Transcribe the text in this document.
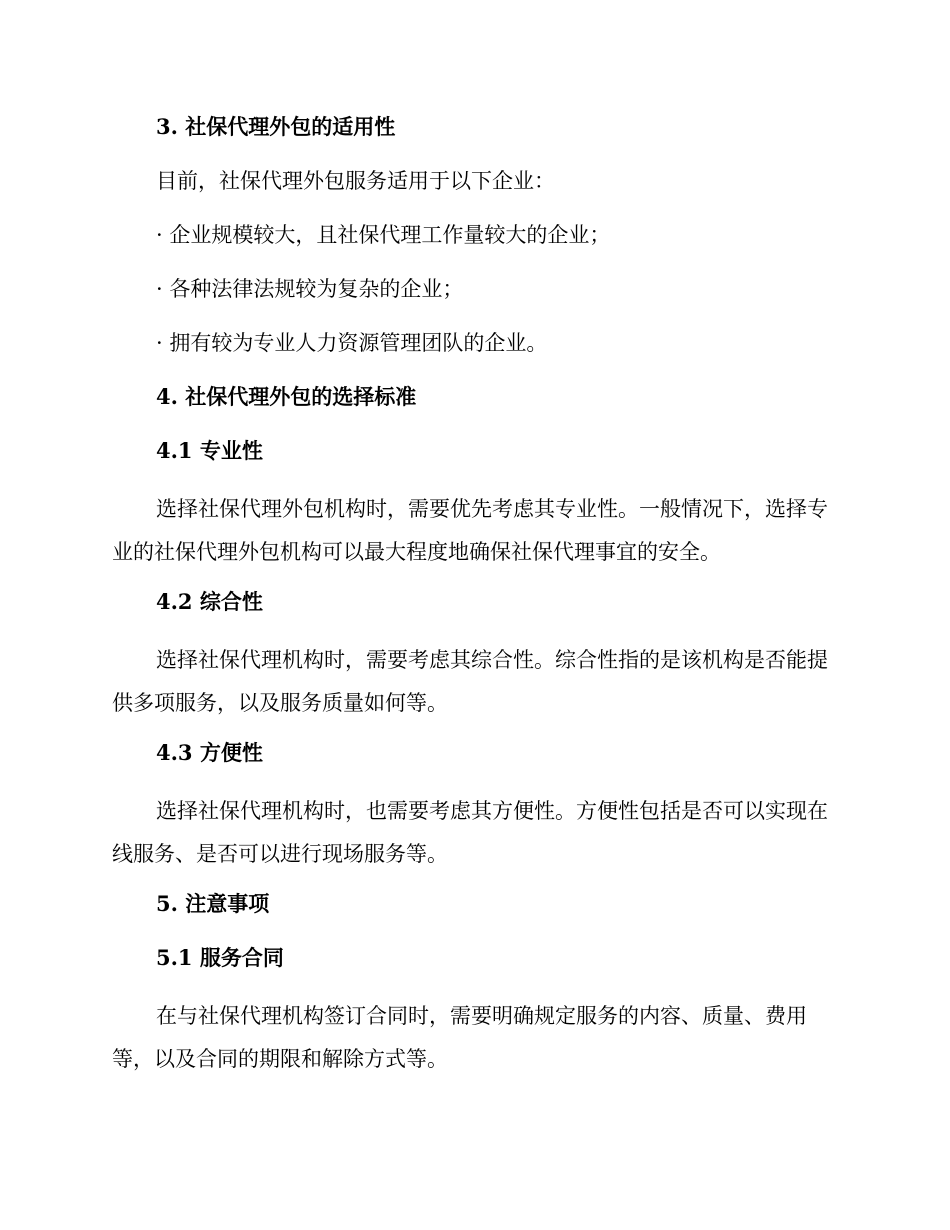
3. 社保代理外包的适用性

目前，社保代理外包服务适用于以下企业：

· 企业规模较大，且社保代理工作量较大的企业；

· 各种法律法规较为复杂的企业；

· 拥有较为专业人力资源管理团队的企业。

4. 社保代理外包的选择标准
4.1 专业性

选择社保代理外包机构时，需要优先考虑其专业性。一般情况下，选择专业的社保代理外包机构可以最大程度地确保社保代理事宜的安全。

4.2 综合性

选择社保代理机构时，需要考虑其综合性。综合性指的是该机构是否能提供多项服务，以及服务质量如何等。

4.3 方便性

选择社保代理机构时，也需要考虑其方便性。方便性包括是否可以实现在线服务、是否可以进行现场服务等。

5. 注意事项
5.1 服务合同

在与社保代理机构签订合同时，需要明确规定服务的内容、质量、费用等，以及合同的期限和解除方式等。
